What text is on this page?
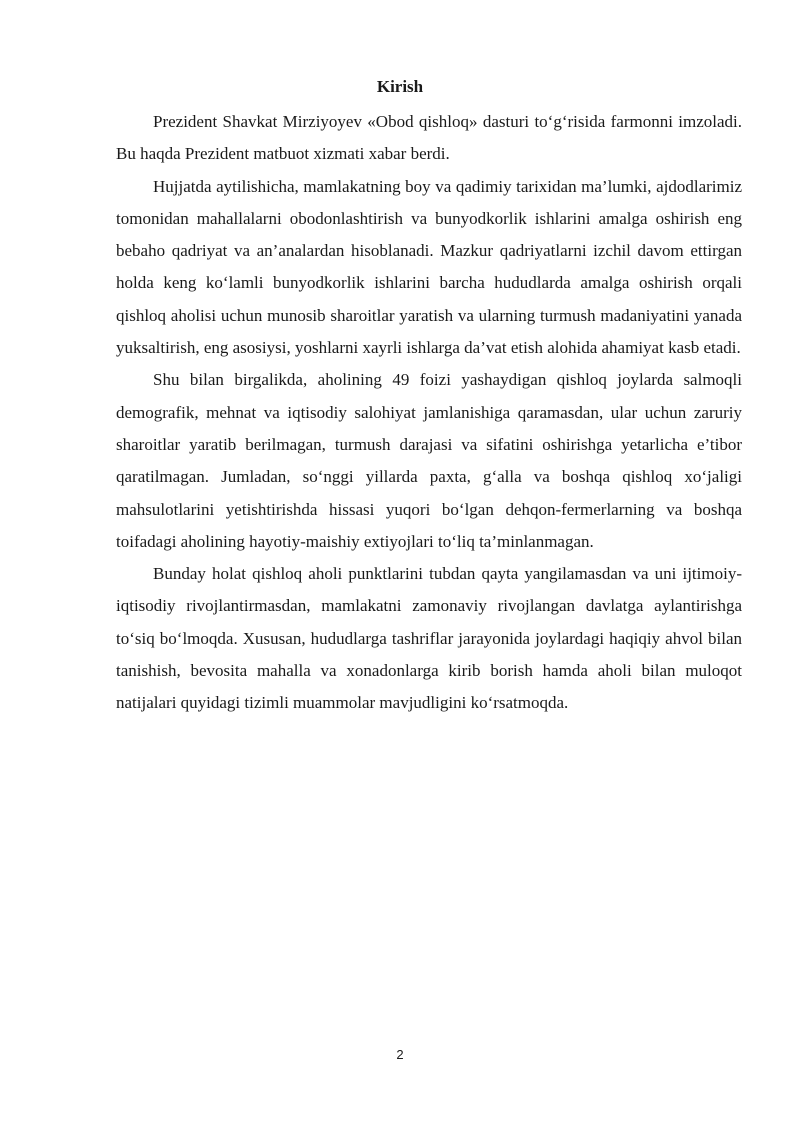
Kirish

Prezident Shavkat Mirziyoyev «Obod qishloq» dasturi to‘g‘risida farmonni imzoladi. Bu haqda Prezident matbuot xizmati xabar berdi.

Hujjatda aytilishicha, mamlakatning boy va qadimiy tarixidan ma’lumki, ajdodlarimiz tomonidan mahallalarni obodonlashtirish va bunyodkorlik ishlarini amalga oshirish eng bebaho qadriyat va an’analardan hisoblanadi. Mazkur qadriyatlarni izchil davom ettirgan holda keng ko‘lamli bunyodkorlik ishlarini barcha hududlarda amalga oshirish orqali qishloq aholisi uchun munosib sharoitlar yaratish va ularning turmush madaniyatini yanada yuksaltirish, eng asosiysi, yoshlarni xayrli ishlarga da’vat etish alohida ahamiyat kasb etadi.

Shu bilan birgalikda, aholining 49 foizi yashaydigan qishloq joylarda salmoqli demografik, mehnat va iqtisodiy salohiyat jamlanishiga qaramasdan, ular uchun zaruriy sharoitlar yaratib berilmagan, turmush darajasi va sifatini oshirishga yetarlicha e’tibor qaratilmagan. Jumladan, so‘nggi yillarda paxta, g‘alla va boshqa qishloq xo‘jaligi mahsulotlarini yetishtirishda hissasi yuqori bo‘lgan dehqon-fermerlarning va boshqa toifadagi aholining hayotiy-maishiy extiyojlari to‘liq ta’minlanmagan.

Bunday holat qishloq aholi punktlarini tubdan qayta yangilamasdan va uni ijtimoiy-iqtisodiy rivojlantirmasdan, mamlakatni zamonaviy rivojlangan davlatga aylantirishga to‘siq bo‘lmoqda. Xususan, hududlarga tashriflar jarayonida joylardagi haqiqiy ahvol bilan tanishish, bevosita mahalla va xonadonlarga kirib borish hamda aholi bilan muloqot natijalari quyidagi tizimli muammolar mavjudligini ko‘rsatmoqda.

2
